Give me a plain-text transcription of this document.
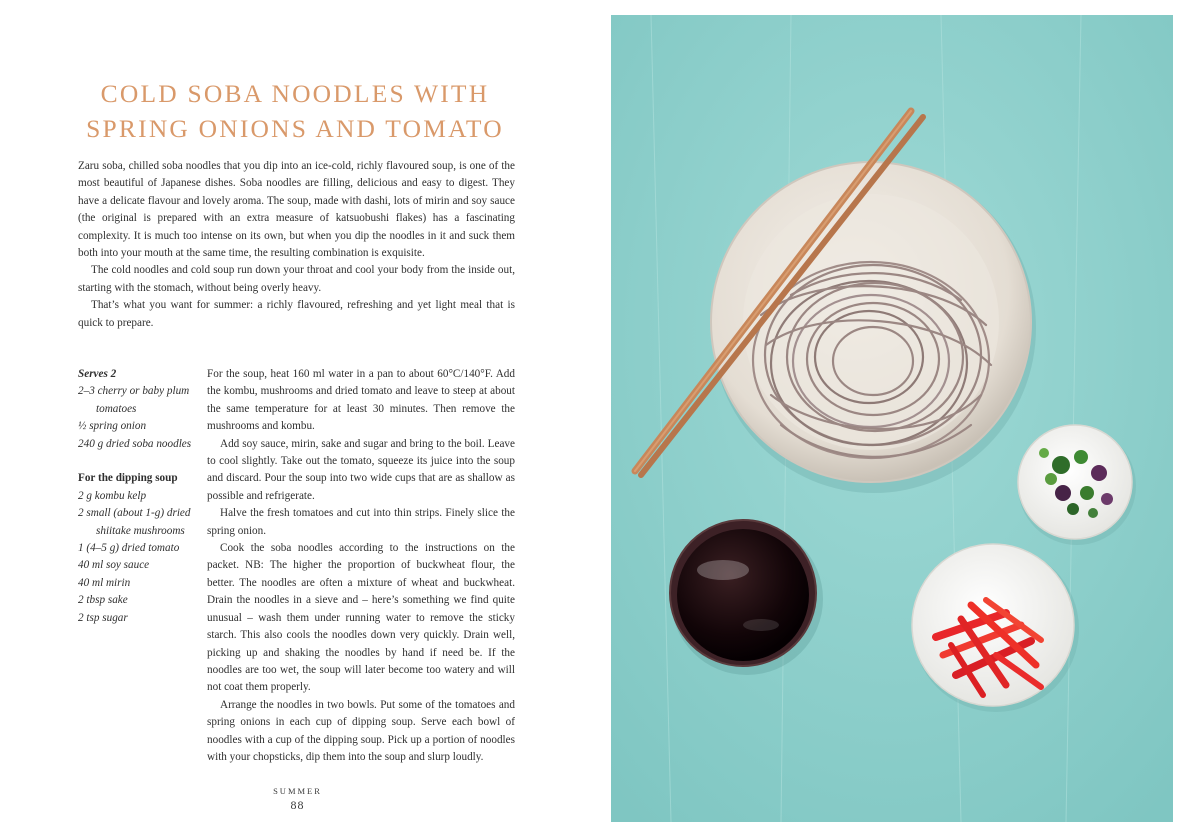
COLD SOBA NOODLES WITH SPRING ONIONS AND TOMATO

Zaru soba, chilled soba noodles that you dip into an ice-cold, richly flavoured soup, is one of the most beautiful of Japanese dishes. Soba noodles are filling, delicious and easy to digest. They have a delicate flavour and lovely aroma. The soup, made with dashi, lots of mirin and soy sauce (the original is prepared with an extra measure of katsuobushi flakes) has a fascinating complexity. It is much too intense on its own, but when you dip the noodles in it and suck them both into your mouth at the same time, the resulting combination is exquisite.

The cold noodles and cold soup run down your throat and cool your body from the inside out, starting with the stomach, without being overly heavy.

That’s what you want for summer: a richly flavoured, refreshing and yet light meal that is quick to prepare.

Serves 2

2–3 cherry or baby plum tomatoes

½ spring onion

240 g dried soba noodles

For the dipping soup

2 g kombu kelp

2 small (about 1-g) dried shiitake mushrooms

1 (4–5 g) dried tomato

40 ml soy sauce

40 ml mirin

2 tbsp sake

2 tsp sugar

For the soup, heat 160 ml water in a pan to about 60°C/140°F. Add the kombu, mushrooms and dried tomato and leave to steep at about the same temperature for at least 30 minutes. Then remove the mushrooms and kombu.

Add soy sauce, mirin, sake and sugar and bring to the boil. Leave to cool slightly. Take out the tomato, squeeze its juice into the soup and discard. Pour the soup into two wide cups that are as shallow as possible and refrigerate.

Halve the fresh tomatoes and cut into thin strips. Finely slice the spring onion.

Cook the soba noodles according to the instructions on the packet. NB: The higher the proportion of buckwheat flour, the better. The noodles are often a mixture of wheat and buckwheat. Drain the noodles in a sieve and – here’s something we find quite unusual – wash them under running water to remove the sticky starch. This also cools the noodles down very quickly. Drain well, picking up and shaking the noodles by hand if need be. If the noodles are too wet, the soup will later become too watery and will not coat them properly.

Arrange the noodles in two bowls. Put some of the tomatoes and spring onions in each cup of dipping soup. Serve each bowl of noodles with a cup of the dipping soup. Pick up a portion of noodles with your chopsticks, dip them into the soup and slurp loudly.

SUMMER
88
